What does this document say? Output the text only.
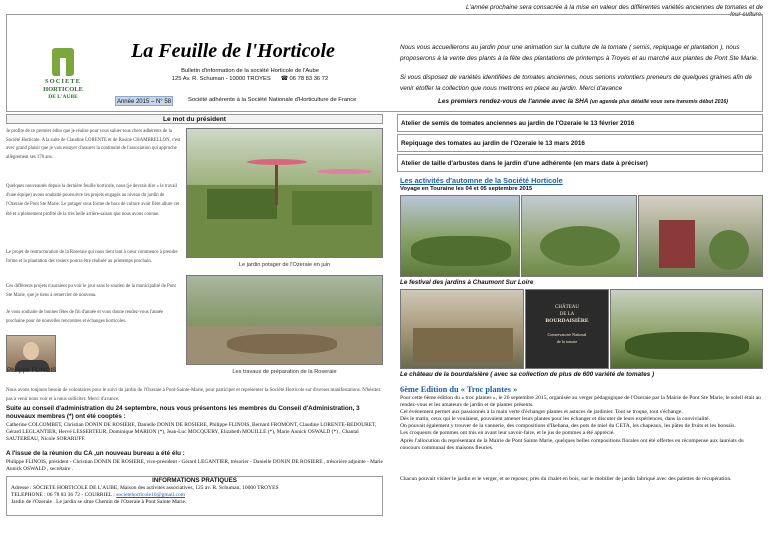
L'année prochaine sera consacrée à la mise en valeur des différentes variétés anciennes de tomates et de leur culture.
SOCIETE
HORTICOLE
DE L'AUBE
La Feuille de l'Horticole
Bulletin d'information de la société Horticole de l'Aube
125 Av. R. Schuman - 10000 TROYES ☎ 06 78 83 36 72
Année 2015 – N° 58	Société adhérente à la Société Nationale d'Horticulture de France
Nous vous accueillerons au jardin pour une animation sur la culture de la tomate ( semis, repiquage et plantation ), nous proposerons à la vente des plants à la fête des plantations de printemps à Troyes et au marché aux plantes de Pont Ste Marie.
Si vous disposez de variétés identifiées de tomates anciennes, nous serions volontiers preneurs de quelques graines afin de venir étoffer la collection que nous mettrons en place au jardin. Merci d'avance
Les premiers rendez-vous de l'année avec la SHA (un agenda plus détaillé vous sera transmis début 2016)
Atelier de semis de tomates anciennes au jardin de l'Ozeraie le 13 février 2016
Repiquage des tomates au jardin de l'Ozeraie le 13 mars 2016
Atelier de taille d'arbustes dans le jardin d'une adhérente (en mars date à préciser)
Le mot du président
Je profite de ce premier édito que je réalise pour vous saluer tous chers adhérents de la Société Horticole. A la suite de Claudine LORENTE et de Rosine CHAMBRELLON, c'est avec grand plaisir que je vais essayer d'assurer la continuité de l'association qui approche allègrement ses 170 ans.
Quelques nouveautés depuis la dernière feuille horticole, nous (je devrais dire « le travail d'une équipe) avons souhaité poursuivre les projets engagés au niveau du jardin de l'Ozeraie de Pont Ste Marie. Le potager sous forme de bacs de culture avait fière allure cet été et a pleinement profité de la très belle arrière-saison que nous avons connue.
Le projet de restructuration de la Roseraie qui nous tient tant à cœur commence à prendre forme et la plantation des rosiers pourra être réalisée au printemps prochain.
Ces différents projets n'auraient pu voir le jour sans le soutien de la municipalité de Pont Ste Marie, que je tiens à remercier de nouveau.
Je vous souhaite de bonnes fêtes de fin d'année et vous donne rendez-vous l'année prochaine pour de nouvelles rencontres et échanges horticoles.
Philippe FLINOIS
Le jardin potager de l'Ozeraie en juin
Les travaux de préparation de la Roseraie
Nous avons toujours besoin de volontaires pour le suivi du jardin de l'Ozeraie à Pont-Sainte-Marie, pour participer et représenter la Société Horticole sur diverses manifestations. N'hésitez pas à venir nous voir et à nous solliciter. Merci d'avance.
Suite au conseil d'administration du 24 septembre, nous vous présentons les membres du Conseil d'Administration, 3 nouveaux membres (*) ont été cooptés :
Catherine COLCOMBET, Christian DONIN DE ROSIERE, Danielle DONIN DE ROSIERE, Philippe FLINOIS, Bernard FROMONT, Claudine LORENTE-BEDOURET, Gérard LEGLANTIER, Hervé LESSERTEUR, Dominique MARION (*), Jean-Luc MOCQUERY, Elizabeth MOUILLE (*), Marie Annick OSWALD (*) , Chantal SAUTEREAU, Nicole SORARUFF.
A l'issue de la réunion du CA ,un nouveau bureau a été élu :
Philippe FLINOIS, président - Christian DONIN DE ROSIERE, vice-président - Gérard LEGANTIER, trésorier - Danielle DONIN DE ROSIERE , trésorière adjointe - Marie Annick OSWALD , secrétaire .
INFORMATIONS PRATIQUES
Adresse : SOCIETE HORTICOLE DE L'AUBE, Maison des activités associatives, 125 av. R. Schuman, 10000 TROYES
TELEPHONE : 06 78 83 36 72 - COURRIEL : societehorticole10@gmail.com
Jardin de l'Ozeraie . Le jardin se situe Chemin de l'Ozeraie à Pont Sainte Marie.
Les activités d'automne de la Société Horticole
Voyage en Touraine les 04 et 05 septembre 2015
Le festival des jardins à Chaumont Sur Loire
CHÂTEAU
DE LA
BOURDAISIÈRE
Conservatoire National
de la tomate
Le château de la bourdaisière ( avec sa collection de plus de 600 variété de tomates )
6ème Edition du « Troc plantes »
Pour cette 6ème édition du « troc plantes », le 26 septembre 2015, organisée au verger pédagogique de l'Ozeraie par la Mairie de Pont Ste Marie, le soleil était au rendez-vous et les amateurs de jardin et de plantes présents.
Cet événement permet aux passionnés à la main verte d'échanger plantes et astuces de jardinier. Tout se troque, tout s'échange.
Dès le matin, ceux qui le voulaient, pouvaient amener leurs plantes pour les échanger et discuter de leurs expériences, dans la convivialité.
On pouvait également y trouver de la vannerie, des compositions d'Ikebana, des pots de miel du CETA, les chapeaux, les pâtes de fruits et les bonsaïs.
Les croqueurs de pommes ont mis en avant leur savoir-faire, et le jus de pommes a été apprécié.
Après l'allocution du représentant de la Mairie de Pont Sainte Marie, quelques belles compositions florales ont été offertes en récompense aux lauréats du concours communal des maisons fleuries.
Chacun pouvait visiter le jardin et le verger, et se reposer, près du chalet en bois, sur le mobilier de jardin fabriqué avec des palettes de récupération.
